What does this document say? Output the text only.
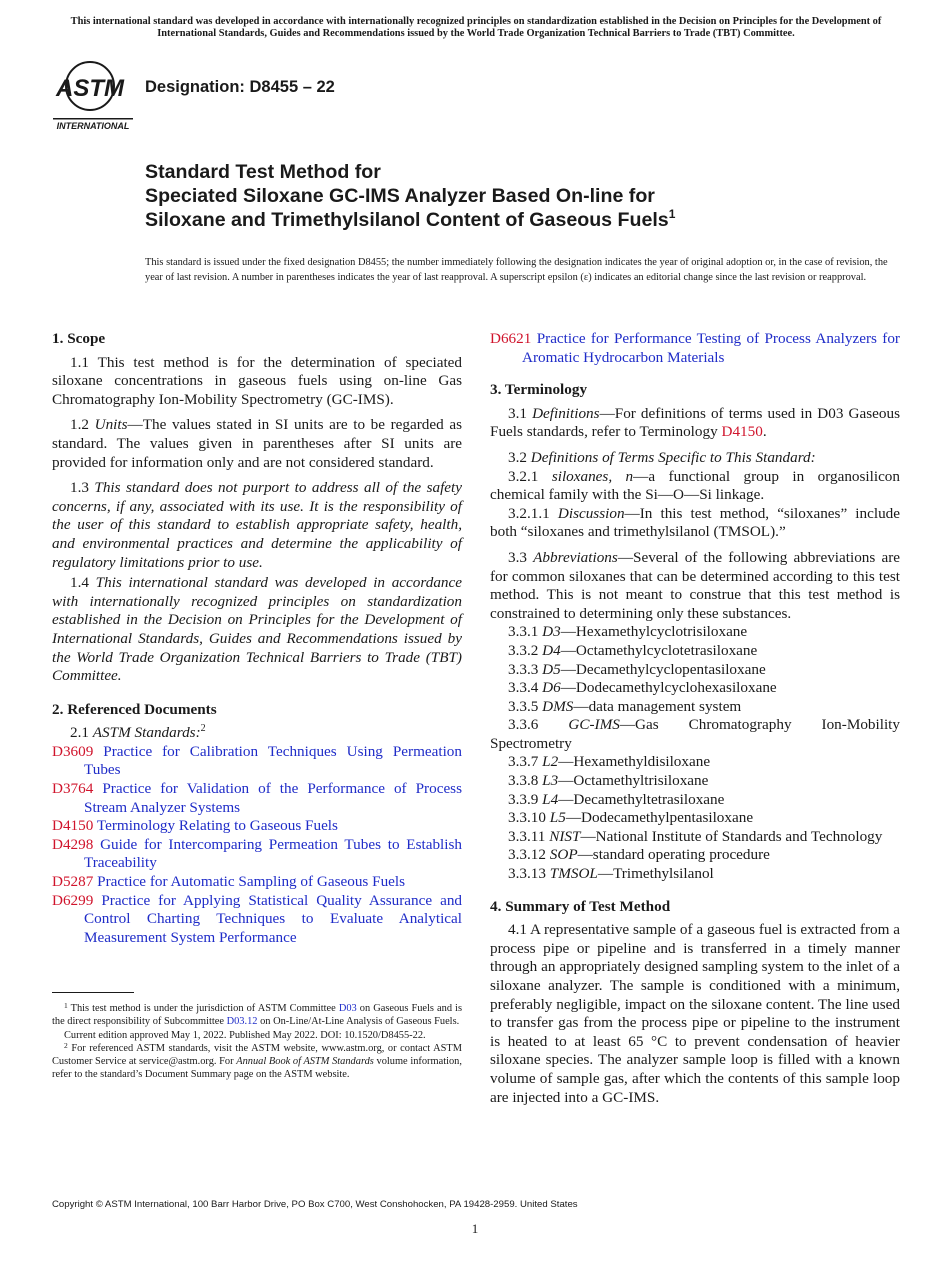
This international standard was developed in accordance with internationally recognized principles on standardization established in the Decision on Principles for the Development of International Standards, Guides and Recommendations issued by the World Trade Organization Technical Barriers to Trade (TBT) Committee.
ASTM
INTERNATIONAL
Designation: D8455 – 22
Standard Test Method for
Speciated Siloxane GC-IMS Analyzer Based On-line for
Siloxane and Trimethylsilanol Content of Gaseous Fuels$^1$
This standard is issued under the fixed designation D8455; the number immediately following the designation indicates the year of original adoption or, in the case of revision, the year of last revision. A number in parentheses indicates the year of last reapproval. A superscript epsilon (ε) indicates an editorial change since the last revision or reapproval.

1. Scope

1.1 This test method is for the determination of speciated siloxane concentrations in gaseous fuels using on-line Gas Chromatography Ion-Mobility Spectrometry (GC-IMS).

1.2 Units—The values stated in SI units are to be regarded as standard. The values given in parentheses after SI units are provided for information only and are not considered standard.

1.3 This standard does not purport to address all of the safety concerns, if any, associated with its use. It is the responsibility of the user of this standard to establish appropriate safety, health, and environmental practices and determine the applicability of regulatory limitations prior to use.

1.4 This international standard was developed in accordance with internationally recognized principles on standardization established in the Decision on Principles for the Development of International Standards, Guides and Recommendations issued by the World Trade Organization Technical Barriers to Trade (TBT) Committee.

2. Referenced Documents

2.1 ASTM Standards:$^2$

D3609 Practice for Calibration Techniques Using Permeation Tubes

D3764 Practice for Validation of the Performance of Process Stream Analyzer Systems

D4150 Terminology Relating to Gaseous Fuels

D4298 Guide for Intercomparing Permeation Tubes to Establish Traceability

D5287 Practice for Automatic Sampling of Gaseous Fuels

D6299 Practice for Applying Statistical Quality Assurance and Control Charting Techniques to Evaluate Analytical Measurement System Performance

D6621 Practice for Performance Testing of Process Analyzers for Aromatic Hydrocarbon Materials

3. Terminology

3.1 Definitions—For definitions of terms used in D03 Gaseous Fuels standards, refer to Terminology D4150.

3.2 Definitions of Terms Specific to This Standard:

3.2.1 siloxanes, n—a functional group in organosilicon chemical family with the Si—O—Si linkage.

3.2.1.1 Discussion—In this test method, “siloxanes” include both “siloxanes and trimethylsilanol (TMSOL).”

3.3 Abbreviations—Several of the following abbreviations are for common siloxanes that can be determined according to this test method. This is not meant to construe that this test method is constrained to determining only these substances.

3.3.1 D3—Hexamethylcyclotrisiloxane

3.3.2 D4—Octamethylcyclotetrasiloxane

3.3.3 D5—Decamethylcyclopentasiloxane

3.3.4 D6—Dodecamethylcyclohexasiloxane

3.3.5 DMS—data management system

3.3.6 GC-IMS—Gas Chromatography Ion-Mobility Spectrometry

3.3.7 L2—Hexamethyldisiloxane

3.3.8 L3—Octamethyltrisiloxane

3.3.9 L4—Decamethyltetrasiloxane

3.3.10 L5—Dodecamethylpentasiloxane

3.3.11 NIST—National Institute of Standards and Technology

3.3.12 SOP—standard operating procedure

3.3.13 TMSOL—Trimethylsilanol

4. Summary of Test Method

4.1 A representative sample of a gaseous fuel is extracted from a process pipe or pipeline and is transferred in a timely manner through an appropriately designed sampling system to the inlet of a siloxane analyzer. The sample is conditioned with a minimum, preferably negligible, impact on the siloxane content. The line used to transfer gas from the process pipe or pipeline to the instrument is heated to at least 65 °C to prevent condensation of heavier siloxane species. The analyzer sample loop is filled with a known volume of sample gas, after which the contents of this sample loop are injected into a GC-IMS.

$^1$ This test method is under the jurisdiction of ASTM Committee D03 on Gaseous Fuels and is the direct responsibility of Subcommittee D03.12 on On-Line/At-Line Analysis of Gaseous Fuels.

Current edition approved May 1, 2022. Published May 2022. DOI: 10.1520/D8455-22.

$^2$ For referenced ASTM standards, visit the ASTM website, www.astm.org, or contact ASTM Customer Service at service@astm.org. For Annual Book of ASTM Standards volume information, refer to the standard’s Document Summary page on the ASTM website.

Copyright © ASTM International, 100 Barr Harbor Drive, PO Box C700, West Conshohocken, PA 19428-2959. United States
1
